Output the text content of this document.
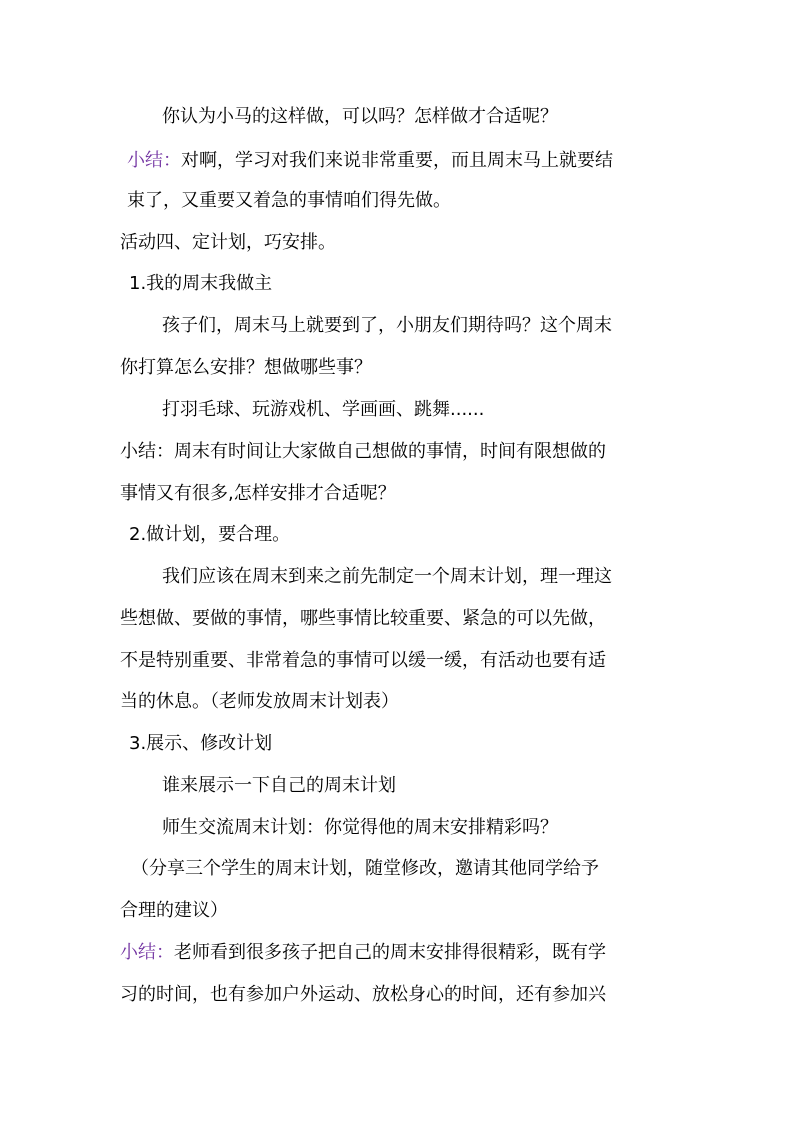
你认为小马的这样做，可以吗？怎样做才合适呢？
小结：对啊，学习对我们来说非常重要，而且周末马上就要结
束了，又重要又着急的事情咱们得先做。
活动四、定计划，巧安排。
1.我的周末我做主
孩子们，周末马上就要到了，小朋友们期待吗？这个周末
你打算怎么安排？想做哪些事？
打羽毛球、玩游戏机、学画画、跳舞......
小结：周末有时间让大家做自己想做的事情，时间有限想做的
事情又有很多,怎样安排才合适呢？
2.做计划，要合理。
我们应该在周末到来之前先制定一个周末计划，理一理这
些想做、要做的事情，哪些事情比较重要、紧急的可以先做，
不是特别重要、非常着急的事情可以缓一缓，有活动也要有适
当的休息。（老师发放周末计划表）
3.展示、修改计划
谁来展示一下自己的周末计划
师生交流周末计划：你觉得他的周末安排精彩吗？
（分享三个学生的周末计划，随堂修改，邀请其他同学给予
合理的建议）
小结：老师看到很多孩子把自己的周末安排得很精彩，既有学
习的时间，也有参加户外运动、放松身心的时间，还有参加兴
